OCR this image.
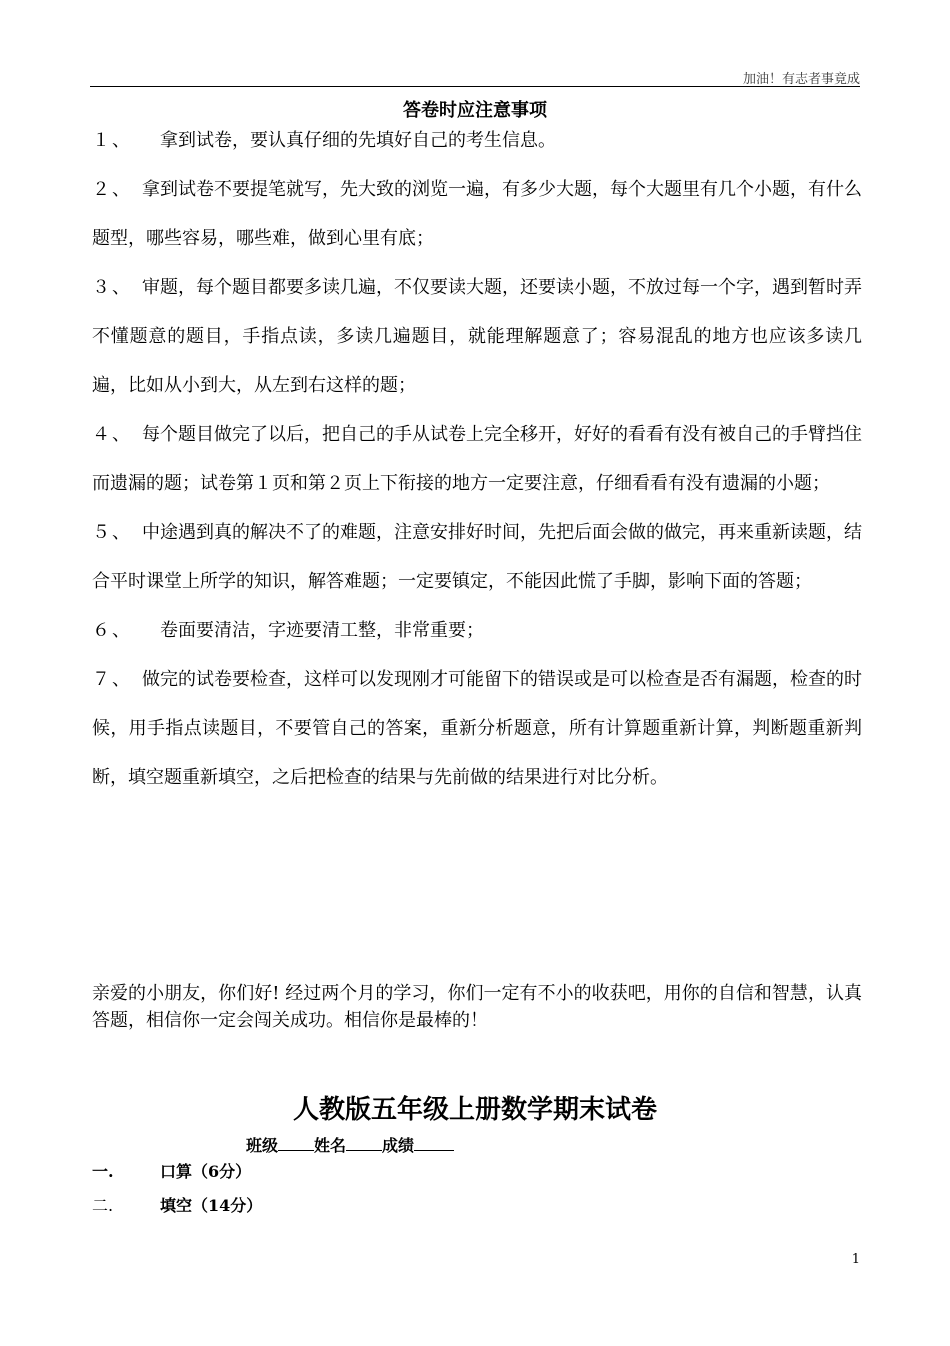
加油！有志者事竟成
答卷时应注意事项
１、　拿到试卷，要认真仔细的先填好自己的考生信息。
２、 拿到试卷不要提笔就写，先大致的浏览一遍，有多少大题，每个大题里有几个小题，有什么题型，哪些容易，哪些难，做到心里有底；
３、 审题，每个题目都要多读几遍，不仅要读大题，还要读小题，不放过每一个字，遇到暂时弄不懂题意的题目，手指点读，多读几遍题目，就能理解题意了；容易混乱的地方也应该多读几遍，比如从小到大，从左到右这样的题；
４、 每个题目做完了以后，把自己的手从试卷上完全移开，好好的看看有没有被自己的手臂挡住而遗漏的题；试卷第１页和第２页上下衔接的地方一定要注意，仔细看看有没有遗漏的小题；
５、 中途遇到真的解决不了的难题，注意安排好时间，先把后面会做的做完，再来重新读题，结合平时课堂上所学的知识，解答难题；一定要镇定，不能因此慌了手脚，影响下面的答题；
６、　卷面要清洁，字迹要清工整，非常重要；
７、 做完的试卷要检查，这样可以发现刚才可能留下的错误或是可以检查是否有漏题，检查的时候，用手指点读题目，不要管自己的答案，重新分析题意，所有计算题重新计算，判断题重新判断，填空题重新填空，之后把检查的结果与先前做的结果进行对比分析。
亲爱的小朋友，你们好! 经过两个月的学习，你们一定有不小的收获吧，用你的自信和智慧，认真答题，相信你一定会闯关成功。相信你是最棒的！
人教版五年级上册数学期末试卷
班级 姓名 成绩
一.	口算（6分）
二.	填空（14分）
1
